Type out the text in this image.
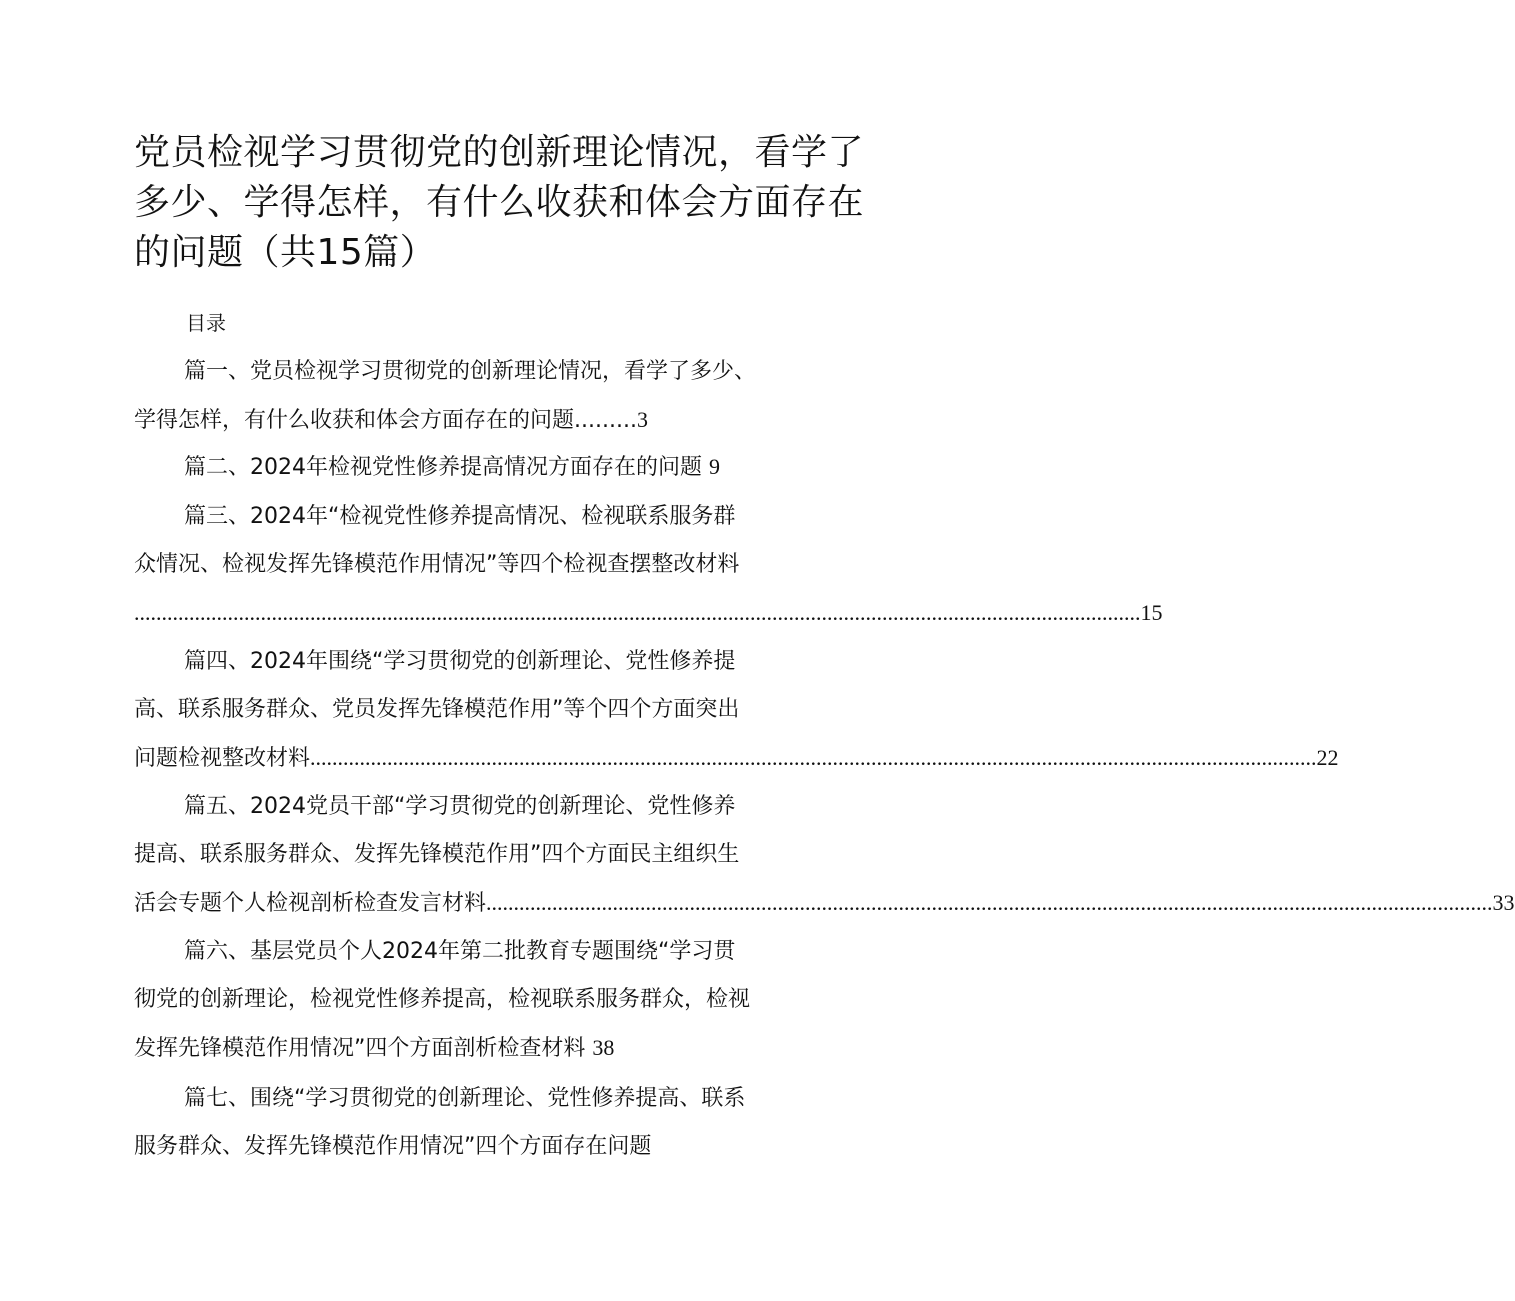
党员检视学习贯彻党的创新理论情况，看学了
多少、学得怎样，有什么收获和体会方面存在
的问题（共15篇）
目录
篇一、党员检视学习贯彻党的创新理论情况，看学了多少、
学得怎样，有什么收获和体会方面存在的问题.........3
篇二、2024年检视党性修养提高情况方面存在的问题 9
篇三、2024年“检视党性修养提高情况、检视联系服务群
众情况、检视发挥先锋模范作用情况”等四个检视查摆整改材料
....................................................................................................................................................................................... 15
篇四、2024年围绕“学习贯彻党的创新理论、党性修养提
高、联系服务群众、党员发挥先锋模范作用”等个四个方面突出
问题检视整改材料 ....................................................................................................................................................................................... 22
篇五、2024党员干部“学习贯彻党的创新理论、党性修养
提高、联系服务群众、发挥先锋模范作用”四个方面民主组织生
活会专题个人检视剖析检查发言材料 ....................................................................................................................................................................................... 33
篇六、基层党员个人2024年第二批教育专题围绕“学习贯
彻党的创新理论，检视党性修养提高，检视联系服务群众，检视
发挥先锋模范作用情况”四个方面剖析检查材料 38
篇七、围绕“学习贯彻党的创新理论、党性修养提高、联系
服务群众、发挥先锋模范作用情况”四个方面存在问题
